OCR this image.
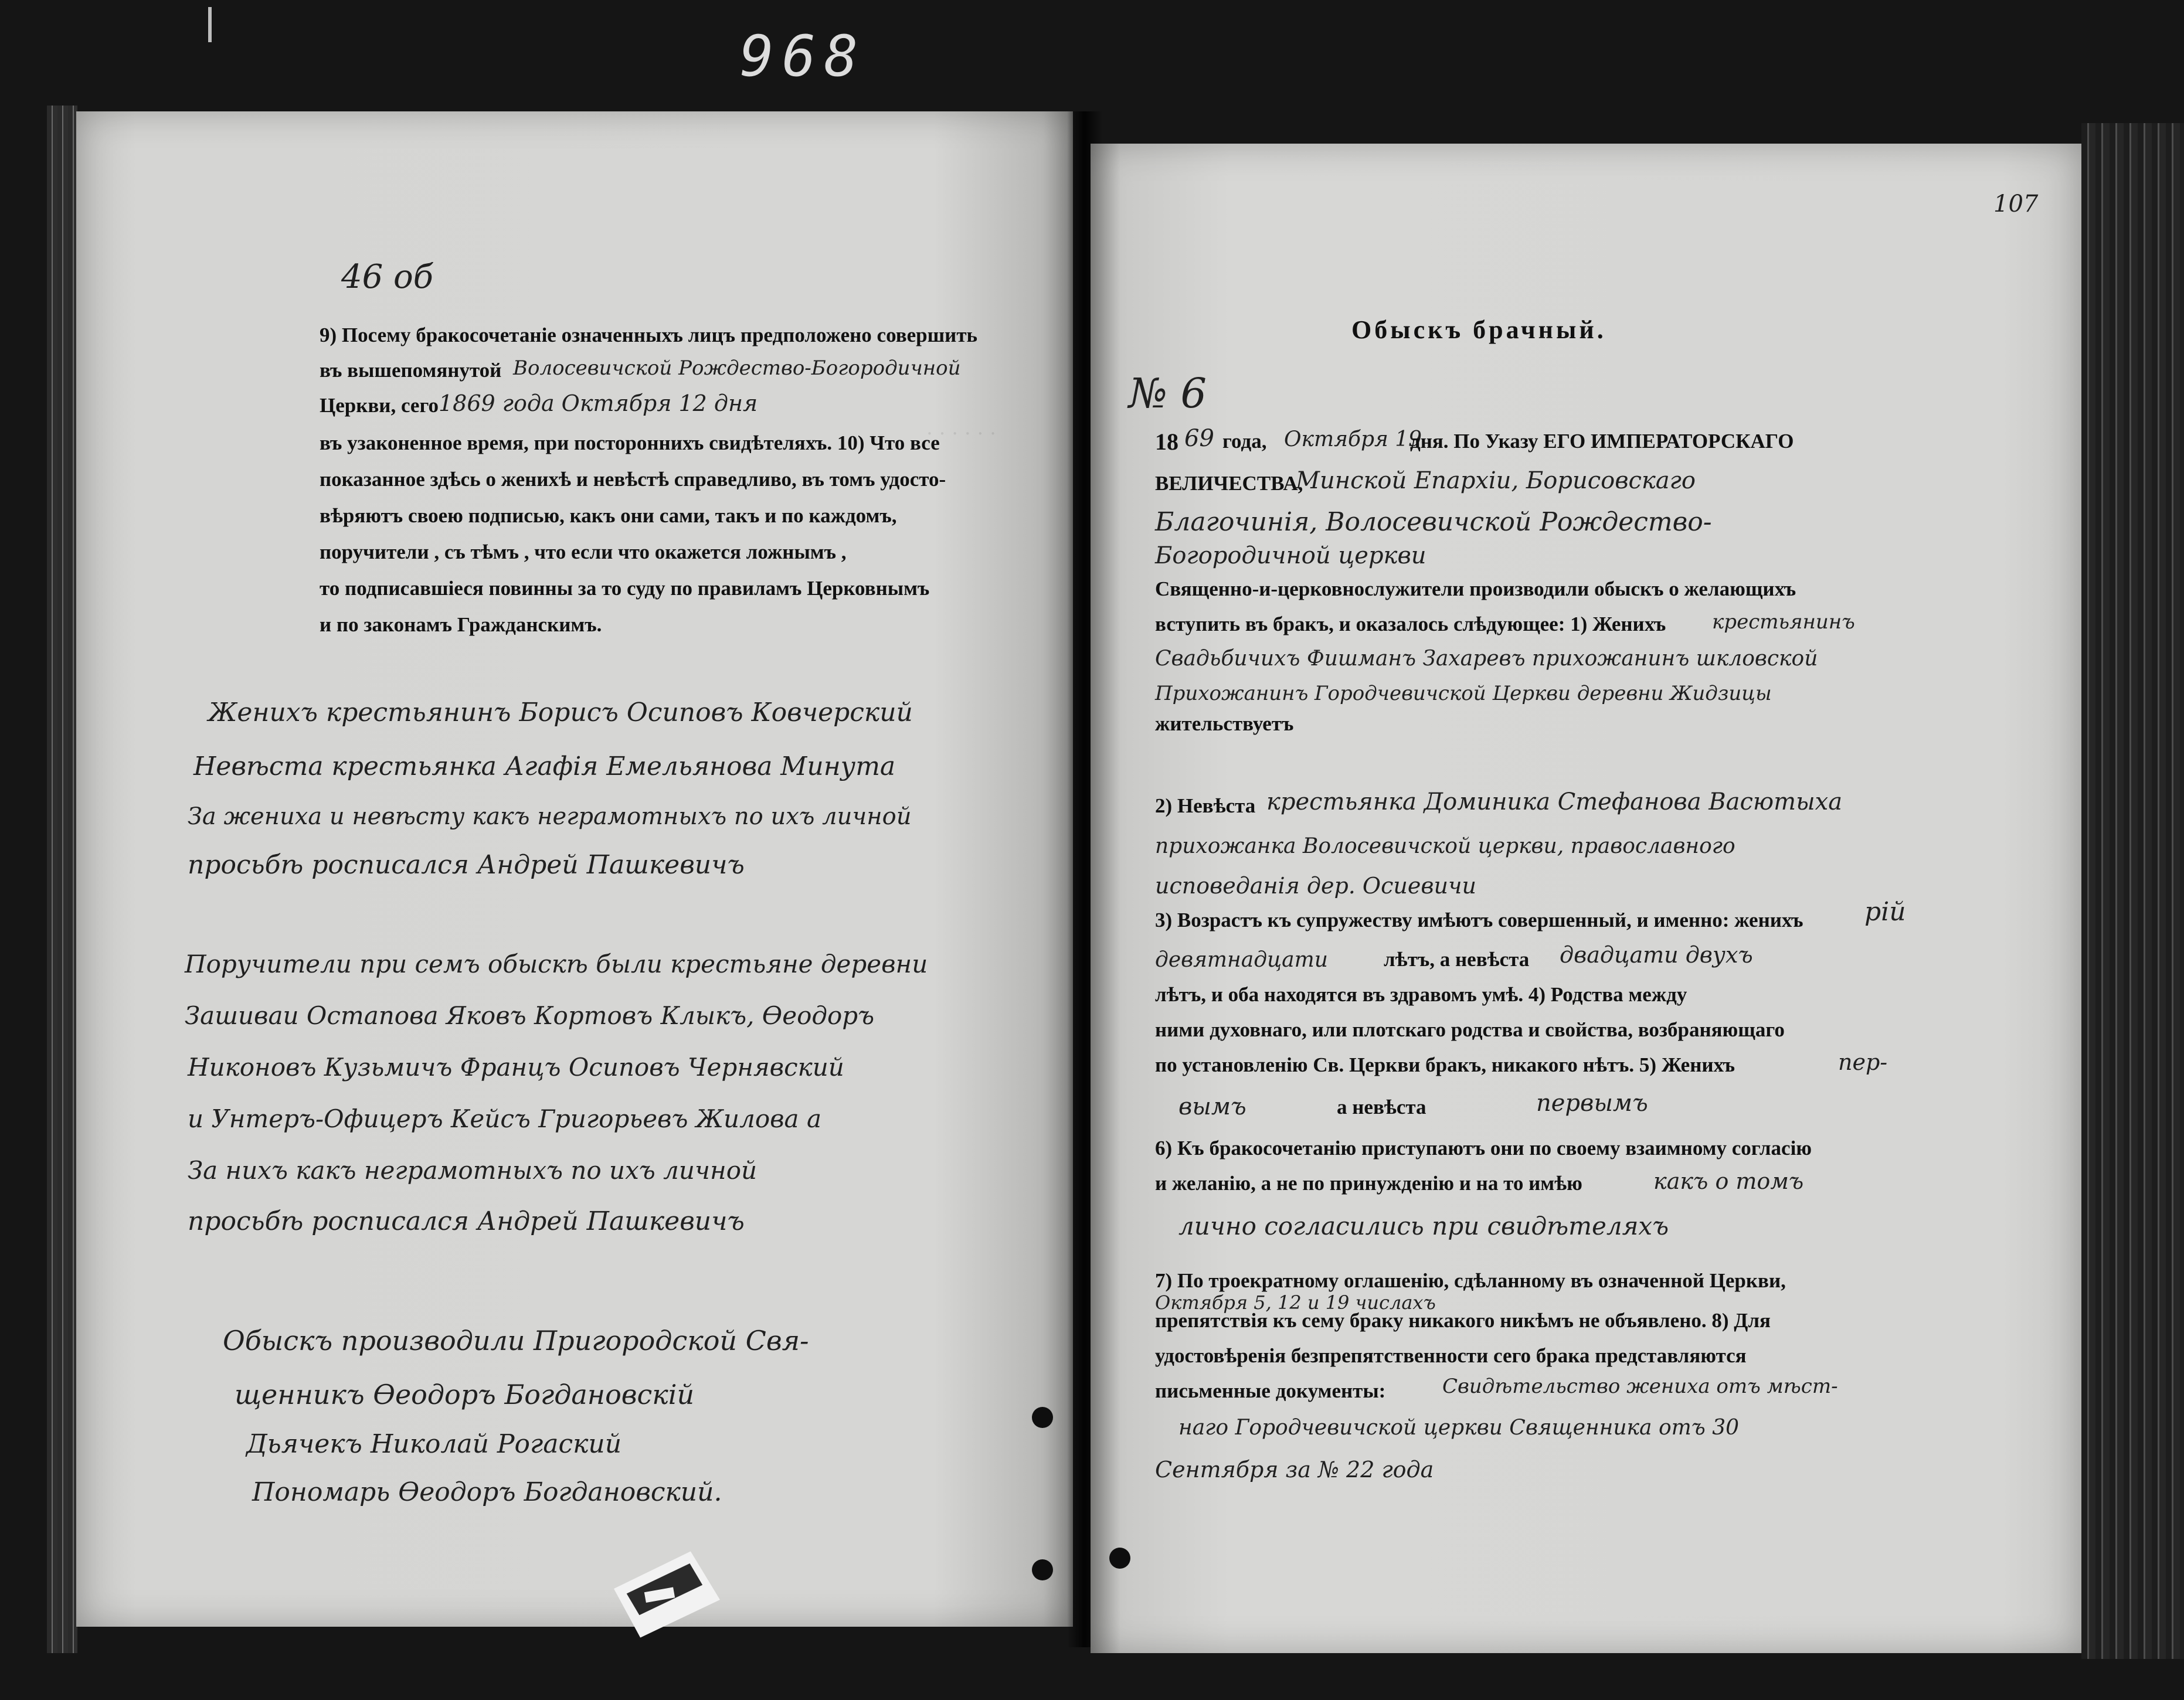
968
46 об
. . . . . .
9) Посему бракосочетаніе означенныхъ лицъ предположено совершить
въ вышепомянутой Волосевичской Рождество-Богородичной
Церкви, сего 1869 года Октября 12 дня
въ узаконенное время, при постороннихъ свидѣтеляхъ. 10) Что все
показанное здѣсь о женихѣ и невѣстѣ справедливо, въ томъ удосто-
вѣряютъ своею подписью, какъ они сами, такъ и по каждомъ,
поручители , съ тѣмъ , что если что окажется ложнымъ ,
то подписавшіеся повинны за то суду по правиламъ Церковнымъ
и по законамъ Гражданскимъ.
Женихъ крестьянинъ Борисъ Осиповъ Ковчерский
Невѣста крестьянка Агафія Емельянова Минута
За жениха и невѣсту какъ неграмотныхъ по ихъ личной
просьбѣ росписался Андрей Пашкевичъ
Поручители при семъ обыскѣ были крестьяне деревни
Зашиваи Остапова Яковъ Кортовъ Клыкъ, Ѳеодоръ
Никоновъ Кузьмичъ Францъ Осиповъ Чернявский
и Унтеръ-Офицеръ Кейсъ Григорьевъ Жилова а
За нихъ какъ неграмотныхъ по ихъ личной
просьбѣ росписался Андрей Пашкевичъ
Обыскъ производили Пригородской Свя-
щенникъ Ѳеодоръ Богдановскій
Дьячекъ Николай Рогаский
Пономарь Ѳеодоръ Богдановский.
107
Обыскъ брачный.
№ 6
18 69 года, Октября 19
дня. По Указу ЕГО ИМПЕРАТОРСКАГО
ВЕЛИЧЕСТВА,
Минской Епархіи, Борисовскаго
Благочинія, Волосевичской Рождество-
Богородичной церкви
Священно-и-церковнослужители производили обыскъ о желающихъ
вступить въ бракъ, и оказалось слѣдующее: 1) Женихъ крестьянинъ
Свадьбичихъ Фишманъ Захаревъ прихожанинъ шкловской
Прихожанинъ Городчевичской Церкви деревни Жидзицы
жительствуетъ
2) Невѣста крестьянка Доминика Стефанова Васютыха
прихожанка Волосевичской церкви, православного
исповеданія дер. Осиевичи
3) Возрастъ къ супружеству имѣютъ совершенный, и именно: женихъ рій
девятнадцати	лѣтъ, а невѣста двадцати двухъ
лѣтъ, и оба находятся въ здравомъ умѣ. 4) Родства между
ними духовнаго, или плотскаго родства и свойства, возбраняющаго
по установленію Св. Церкви бракъ, никакого нѣтъ. 5) Женихъ	пер-
вымъ	а невѣста	первымъ
6) Къ бракосочетанію приступаютъ они по своему взаимному согласію
и желанію, а не по принужденію и на то имѣю	какъ о томъ
лично согласились при свидѣтеляхъ
7) По троекратному оглашенію, сдѣланному въ означенной Церкви,
Октября 5, 12 и 19 числахъ
препятствія къ сему браку никакого никѣмъ не объявлено. 8) Для
удостовѣренія безпрепятственности сего брака представляются
письменные документы:	Свидѣтельство жениха отъ мѣст-
наго Городчевичской церкви Священника отъ 30
Сентября за № 22 года
